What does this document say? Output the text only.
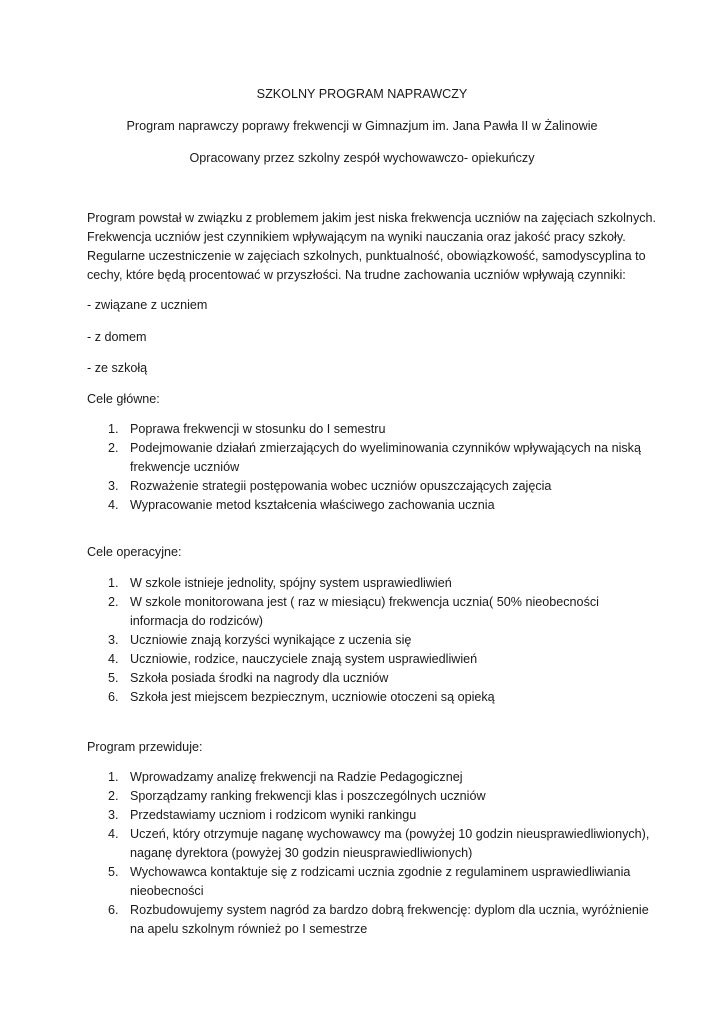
SZKOLNY PROGRAM NAPRAWCZY
Program naprawczy poprawy frekwencji w Gimnazjum im. Jana Pawła II w Żalinowie
Opracowany przez szkolny zespół wychowawczo- opiekuńczy
Program powstał w związku z problemem jakim jest niska frekwencja uczniów na zajęciach szkolnych.
Frekwencja uczniów jest czynnikiem wpływającym na wyniki nauczania oraz jakość pracy szkoły.
Regularne uczestniczenie w zajęciach szkolnych, punktualność, obowiązkowość, samodyscyplina to
cechy, które będą procentować w przyszłości. Na trudne zachowania uczniów wpływają czynniki:
- związane z uczniem
- z domem
- ze szkołą
Cele główne:
1. Poprawa frekwencji w stosunku do I semestru
2. Podejmowanie działań zmierzających do wyeliminowania czynników wpływających na niską
frekwencje uczniów
3. Rozważenie strategii postępowania wobec uczniów opuszczających zajęcia
4. Wypracowanie metod kształcenia właściwego zachowania ucznia
Cele operacyjne:
1. W szkole istnieje jednolity, spójny system usprawiedliwień
2. W szkole monitorowana jest ( raz w miesiącu) frekwencja ucznia( 50% nieobecności
informacja do rodziców)
3. Uczniowie znają korzyści wynikające z uczenia się
4. Uczniowie, rodzice, nauczyciele znają system usprawiedliwień
5. Szkoła posiada środki na nagrody dla uczniów
6. Szkoła jest miejscem bezpiecznym, uczniowie otoczeni są opieką
Program przewiduje:
1. Wprowadzamy analizę frekwencji na Radzie Pedagogicznej
2. Sporządzamy ranking frekwencji klas i poszczególnych uczniów
3. Przedstawiamy uczniom i rodzicom wyniki rankingu
4. Uczeń, który otrzymuje naganę wychowawcy ma (powyżej 10 godzin nieusprawiedliwionych),
naganę dyrektora (powyżej 30 godzin nieusprawiedliwionych)
5. Wychowawca kontaktuje się z rodzicami ucznia zgodnie z regulaminem usprawiedliwiania
nieobecności
6. Rozbudowujemy system nagród za bardzo dobrą frekwencję: dyplom dla ucznia, wyróżnienie
na apelu szkolnym również po I semestrze
